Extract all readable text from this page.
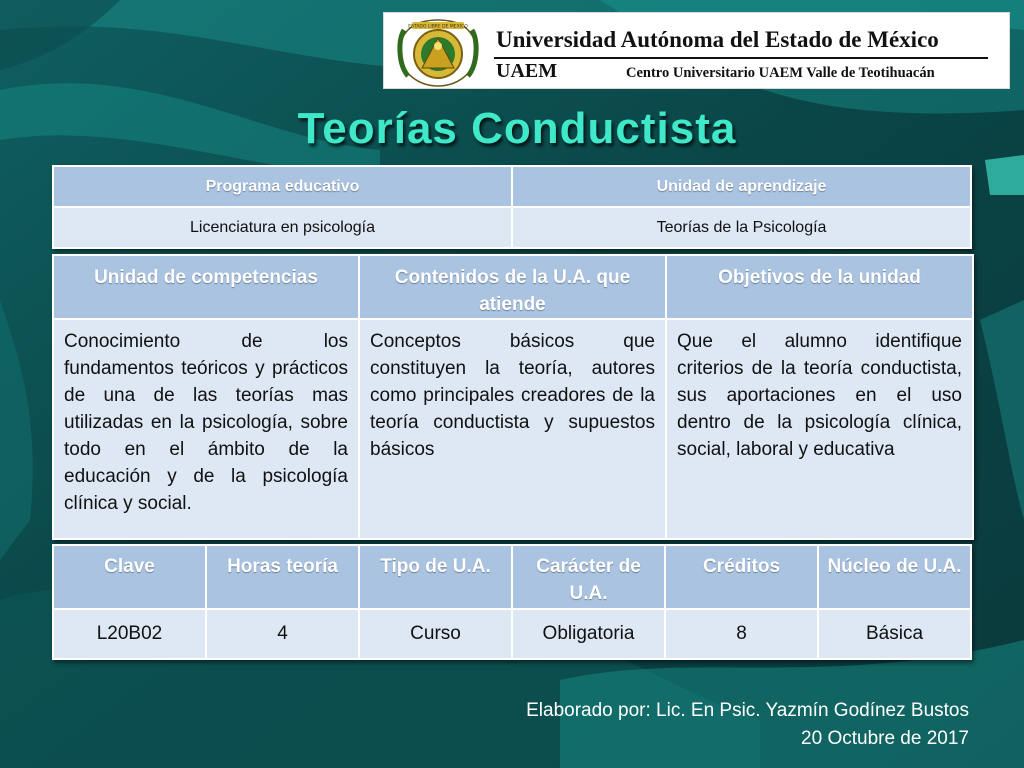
ESTADO LIBRE DE MEXICO Universidad Autónoma del Estado de México
UAEM	Centro Universitario UAEM Valle de Teotihuacán
Teorías Conductista
Programa educativo	Unidad de aprendizaje
Licenciatura en psicología	Teorías de la Psicología
Unidad de competencias	Contenidos de la U.A. que atiende	Objetivos de la unidad
Conocimiento de los fundamentos teóricos y prácticos de una de las teorías mas utilizadas en la psicología, sobre todo en el ámbito de la educación y de la psicología clínica y social.	Conceptos básicos que constituyen la teoría, autores como principales creadores de la teoría conductista y supuestos básicos	Que el alumno identifique criterios de la teoría conductista, sus aportaciones en el uso dentro de la psicología clínica, social, laboral y educativa
Clave	Horas teoría	Tipo de U.A.	Carácter de U.A.	Créditos	Núcleo de U.A.
L20B02	4	Curso	Obligatoria	8	Básica
Elaborado por: Lic. En Psic. Yazmín Godínez Bustos
20 Octubre de 2017
